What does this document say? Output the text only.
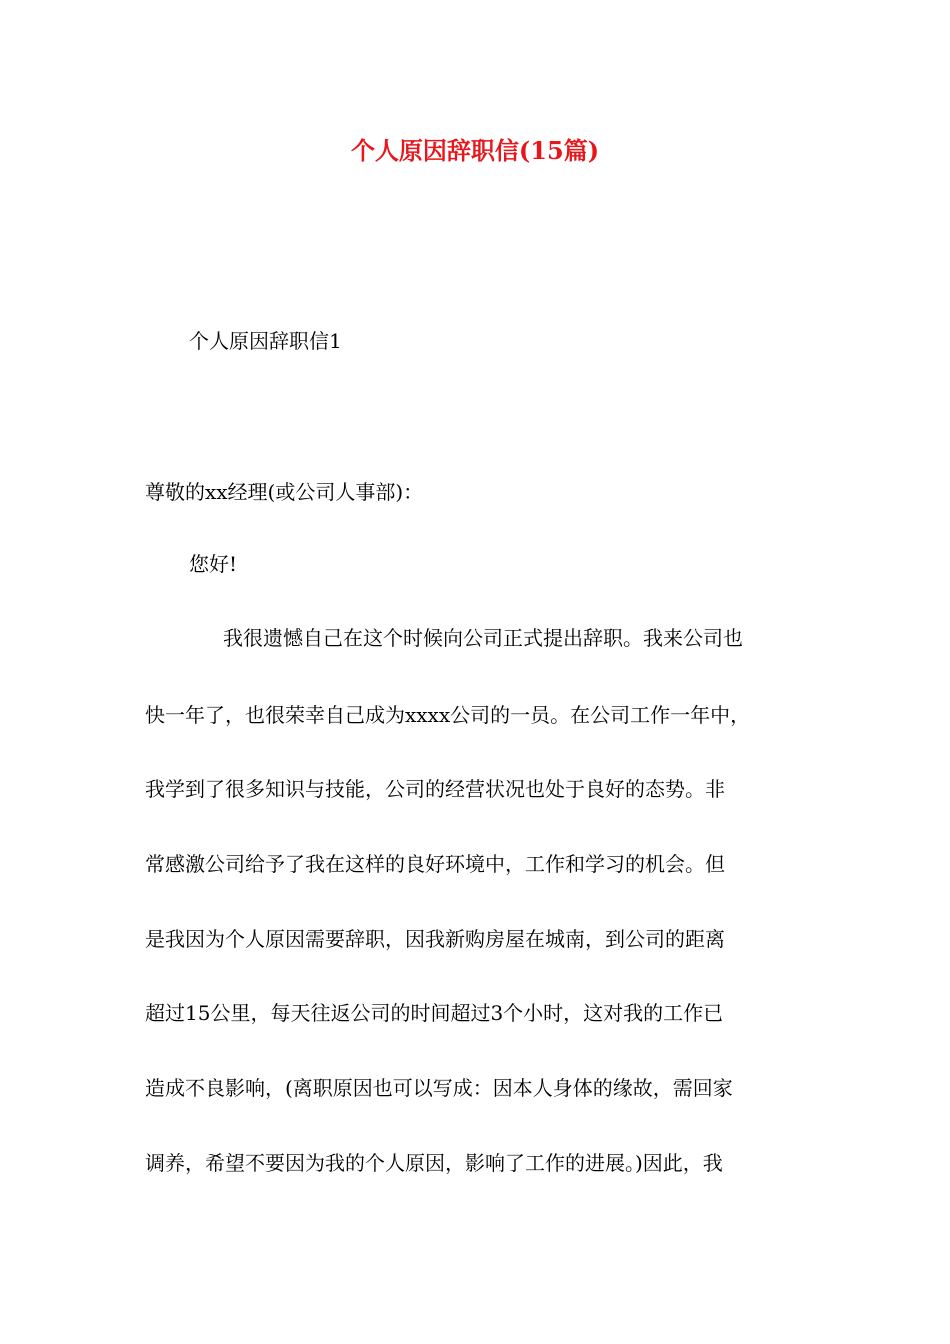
个人原因辞职信(15篇)
个人原因辞职信1
尊敬的xx经理(或公司人事部)：
您好!
我很遗憾自己在这个时候向公司正式提出辞职。我来公司也
快一年了，也很荣幸自己成为xxxx公司的一员。在公司工作一年中，
我学到了很多知识与技能，公司的经营状况也处于良好的态势。非
常感激公司给予了我在这样的良好环境中，工作和学习的机会。但
是我因为个人原因需要辞职，因我新购房屋在城南，到公司的距离
超过15公里，每天往返公司的时间超过3个小时，这对我的工作已
造成不良影响，(离职原因也可以写成：因本人身体的缘故，需回家
调养，希望不要因为我的个人原因，影响了工作的进展。)因此，我
